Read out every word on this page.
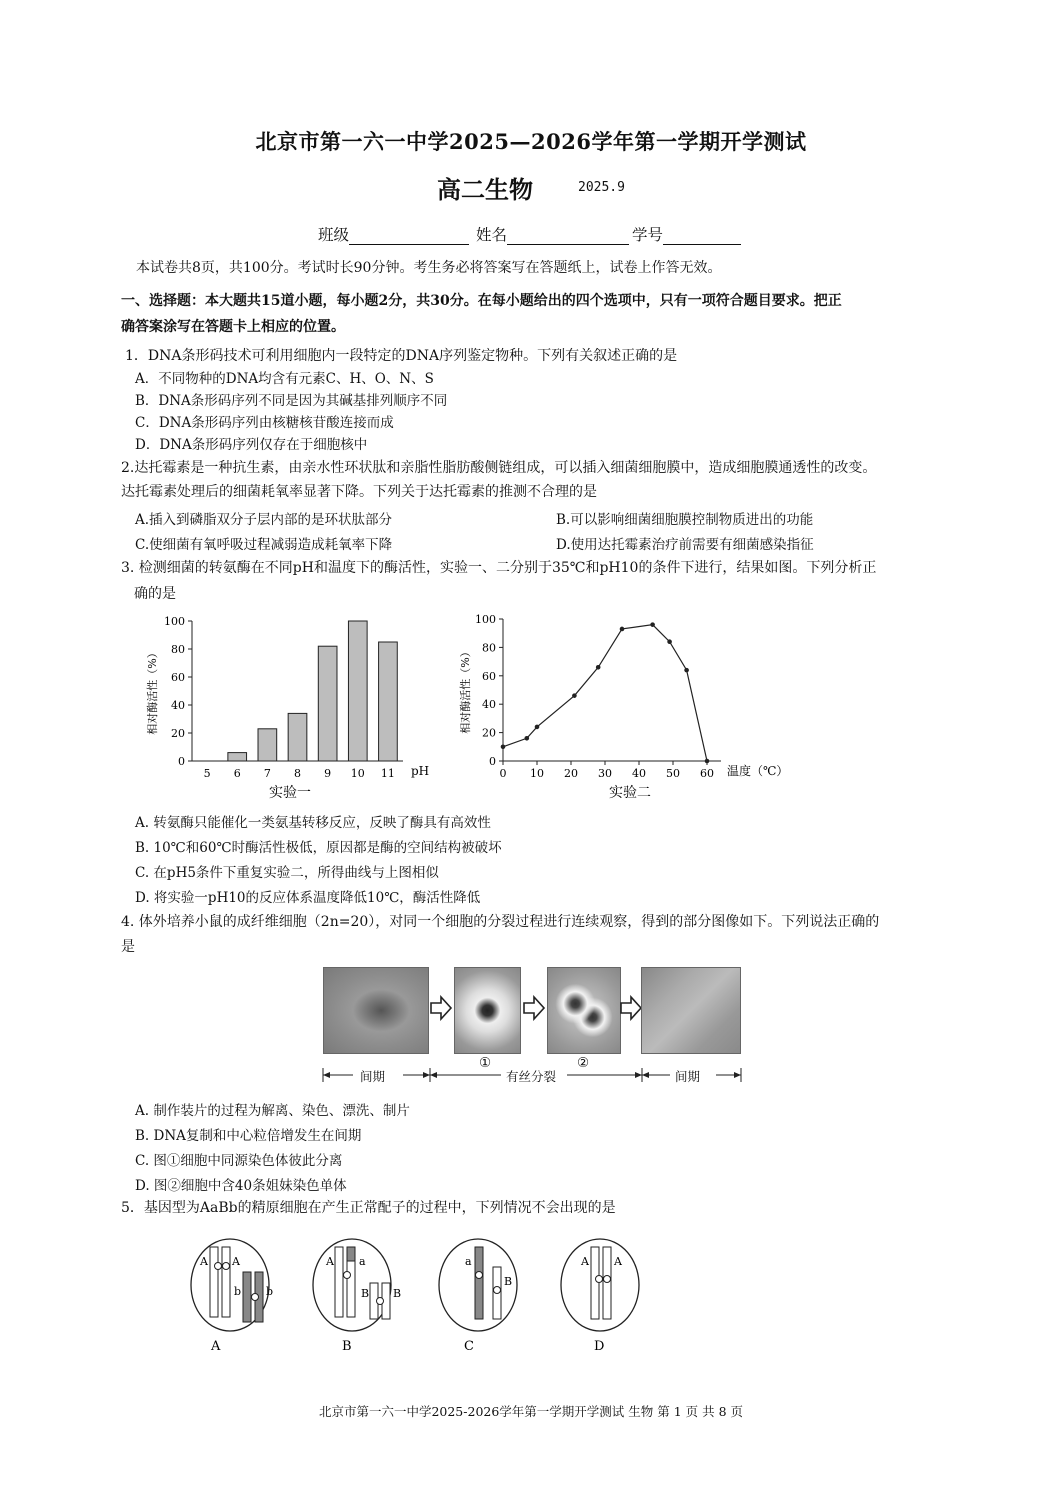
北京市第一六一中学2025—2026学年第一学期开学测试
高二生物	2025.9
班级	姓名	学号
本试卷共8页，共100分。考试时长90分钟。考生务必将答案写在答题纸上，试卷上作答无效。
一、选择题：本大题共15道小题，每小题2分，共30分。在每小题给出的四个选项中，只有一项符合题目要求。把正
确答案涂写在答题卡上相应的位置。
1．DNA条形码技术可利用细胞内一段特定的DNA序列鉴定物种。下列有关叙述正确的是
A．不同物种的DNA均含有元素C、H、O、N、S
B．DNA条形码序列不同是因为其碱基排列顺序不同
C．DNA条形码序列由核糖核苷酸连接而成
D．DNA条形码序列仅存在于细胞核中
2.达托霉素是一种抗生素，由亲水性环状肽和亲脂性脂肪酸侧链组成，可以插入细菌细胞膜中，造成细胞膜通透性的改变。
达托霉素处理后的细菌耗氧率显著下降。下列关于达托霉素的推测不合理的是
A.插入到磷脂双分子层内部的是环状肽部分	B.可以影响细菌细胞膜控制物质进出的功能
C.使细菌有氧呼吸过程减弱造成耗氧率下降	D.使用达托霉素治疗前需要有细菌感染指征
3. 检测细菌的转氨酶在不同pH和温度下的酶活性，实验一、二分别于35℃和pH10的条件下进行，结果如图。下列分析正
确的是
0
20
40
60
80
100
5 6 7 8 9 10 11 pH
实验一
相对酶活性（%）
0
20
40
60
80
100
0 10 20 30 40 50 60 温度（℃）
实验二
相对酶活性（%）
A. 转氨酶只能催化一类氨基转移反应，反映了酶具有高效性
B. 10℃和60℃时酶活性极低，原因都是酶的空间结构被破坏
C. 在pH5条件下重复实验二，所得曲线与上图相似
D. 将实验一pH10的反应体系温度降低10℃，酶活性降低
4. 体外培养小鼠的成纤维细胞（2n=20），对同一个细胞的分裂过程进行连续观察，得到的部分图像如下。下列说法正确的
是
①	②
间期	有丝分裂	间期
A. 制作装片的过程为解离、染色、漂洗、制片
B. DNA复制和中心粒倍增发生在间期
C. 图①细胞中同源染色体彼此分离
D. 图②细胞中含40条姐妹染色单体
5．基因型为AaBb的精原细胞在产生正常配子的过程中，下列情况不会出现的是
A A
b b
A a
B B
a
B
A A
A	B	C	D
北京市第一六一中学2025-2026学年第一学期开学测试 生物 第 1 页 共 8 页
